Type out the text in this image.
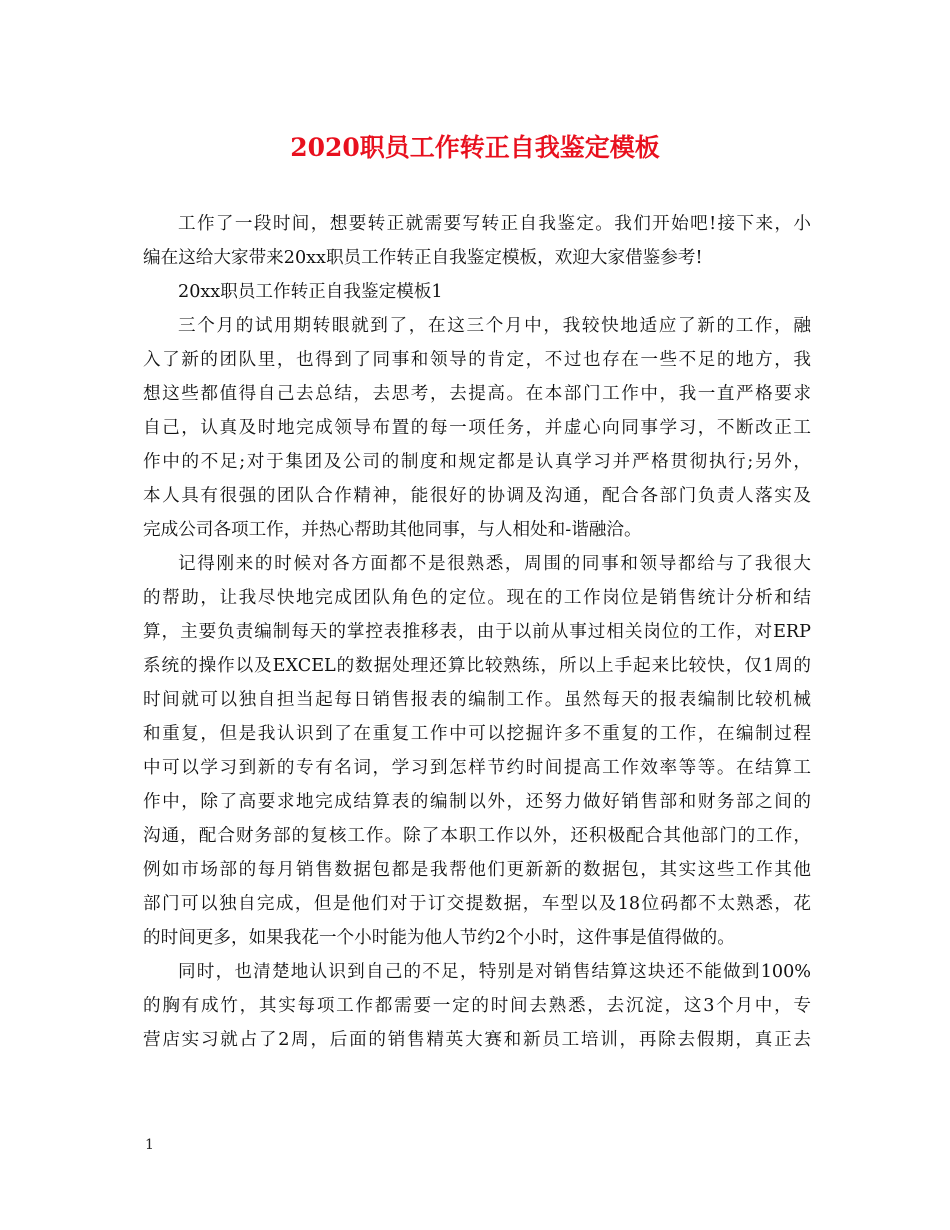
2020职员工作转正自我鉴定模板

工作了一段时间，想要转正就需要写转正自我鉴定。我们开始吧!接下来，小

编在这给大家带来20xx职员工作转正自我鉴定模板，欢迎大家借鉴参考!

20xx职员工作转正自我鉴定模板1

三个月的试用期转眼就到了，在这三个月中，我较快地适应了新的工作，融

入了新的团队里，也得到了同事和领导的肯定，不过也存在一些不足的地方，我

想这些都值得自己去总结，去思考，去提高。在本部门工作中，我一直严格要求

自己，认真及时地完成领导布置的每一项任务，并虚心向同事学习，不断改正工

作中的不足;对于集团及公司的制度和规定都是认真学习并严格贯彻执行;另外，

本人具有很强的团队合作精神，能很好的协调及沟通，配合各部门负责人落实及

完成公司各项工作，并热心帮助其他同事，与人相处和-谐融洽。

记得刚来的时候对各方面都不是很熟悉，周围的同事和领导都给与了我很大

的帮助，让我尽快地完成团队角色的定位。现在的工作岗位是销售统计分析和结

算，主要负责编制每天的掌控表推移表，由于以前从事过相关岗位的工作，对ERP

系统的操作以及EXCEL的数据处理还算比较熟练，所以上手起来比较快，仅1周的

时间就可以独自担当起每日销售报表的编制工作。虽然每天的报表编制比较机械

和重复，但是我认识到了在重复工作中可以挖掘许多不重复的工作，在编制过程

中可以学习到新的专有名词，学习到怎样节约时间提高工作效率等等。在结算工

作中，除了高要求地完成结算表的编制以外，还努力做好销售部和财务部之间的

沟通，配合财务部的复核工作。除了本职工作以外，还积极配合其他部门的工作，

例如市场部的每月销售数据包都是我帮他们更新新的数据包，其实这些工作其他

部门可以独自完成，但是他们对于订交提数据，车型以及18位码都不太熟悉，花

的时间更多，如果我花一个小时能为他人节约2个小时，这件事是值得做的。

同时，也清楚地认识到自己的不足，特别是对销售结算这块还不能做到100%

的胸有成竹，其实每项工作都需要一定的时间去熟悉，去沉淀，这3个月中，专

营店实习就占了2周，后面的销售精英大赛和新员工培训，再除去假期，真正去

1
